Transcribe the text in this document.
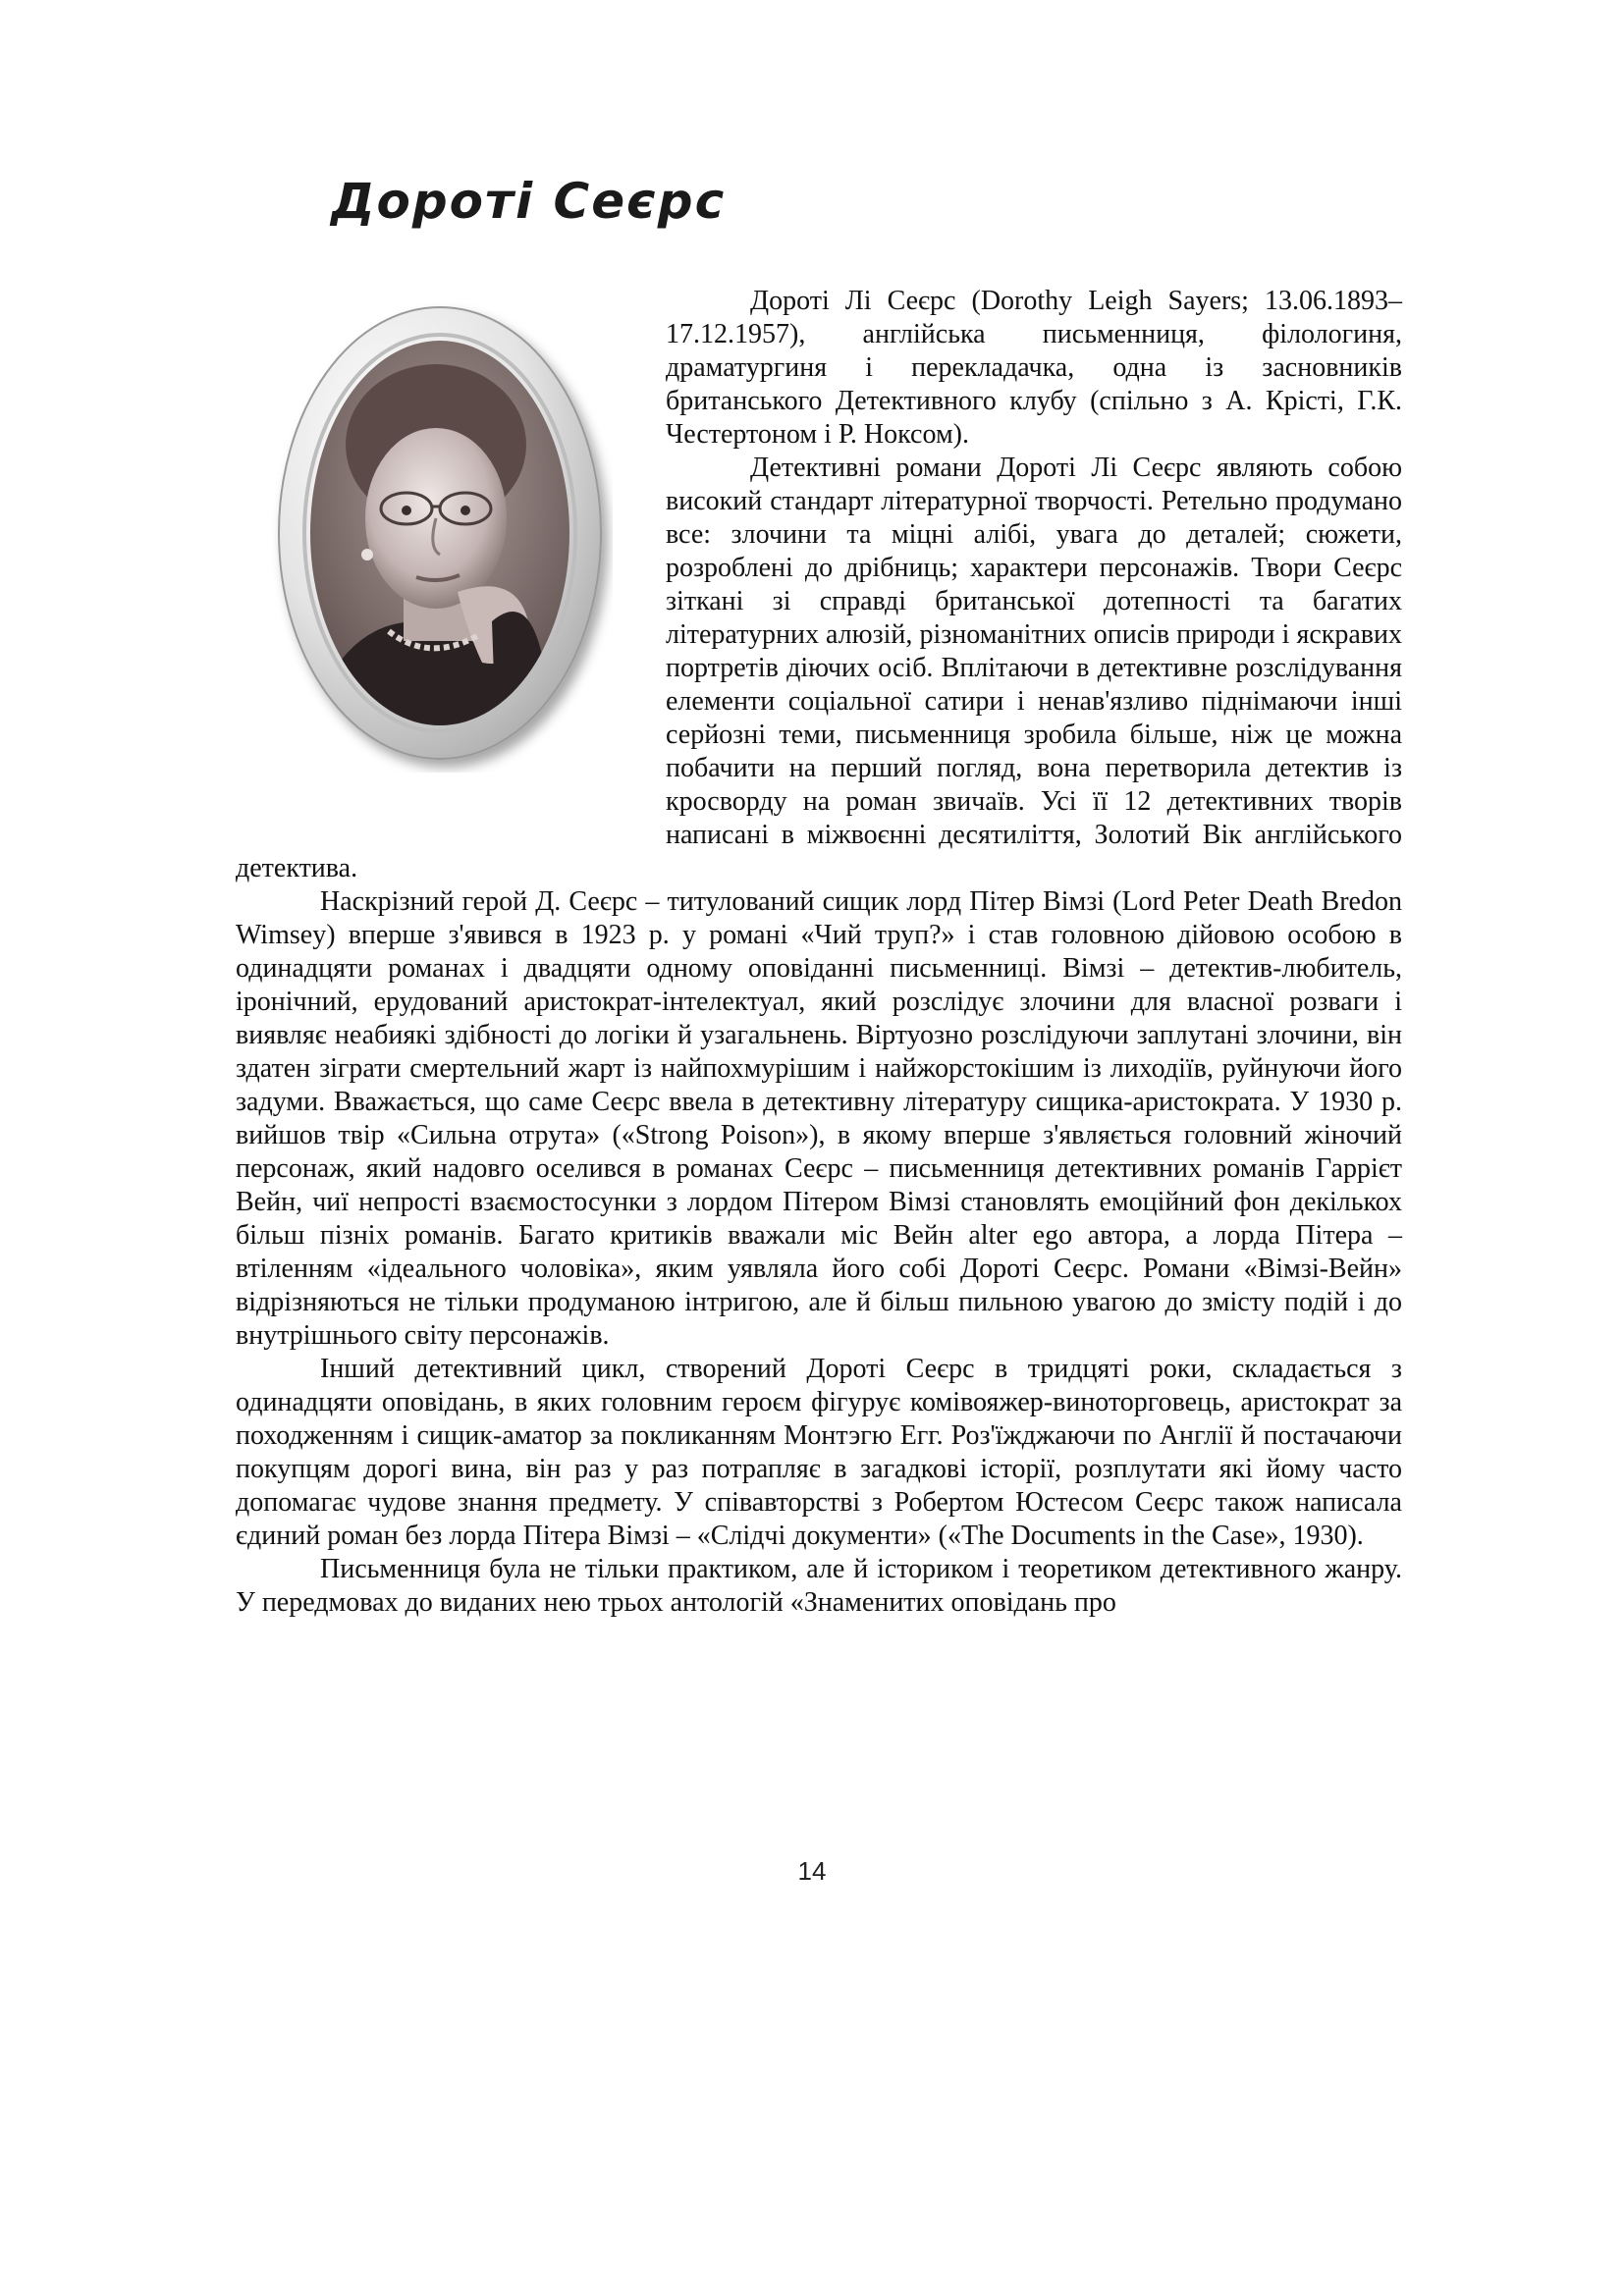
Дороті Сеєрс

Дороті Лі Сеєрс (Dorothy Leigh Sayers; 13.06.1893–17.12.1957), англійська письменниця, філологиня, драматургиня і перекладачка, одна із засновників британського Детективного клубу (спільно з А. Крісті, Г.К. Честертоном і Р. Ноксом).

Детективні романи Дороті Лі Сеєрс являють собою високий стандарт літературної творчості. Ретельно продумано все: злочини та міцні алібі, увага до деталей; сюжети, розроблені до дрібниць; характери персонажів. Твори Сеєрс зіткані зі справді британської дотепності та багатих літературних алюзій, різноманітних описів природи і яскравих портретів діючих осіб. Вплітаючи в детективне розслідування елементи соціальної сатири і ненав'язливо піднімаючи інші серйозні теми, письменниця зробила більше, ніж це можна побачити на перший погляд, вона перетворила детектив із кросворду на роман звичаїв. Усі її 12 детективних творів написані в міжвоєнні десятиліття, Золотий Вік англійського детектива.

Наскрізний герой Д. Сеєрс – титулований сищик лорд Пітер Вімзі (Lord Peter Death Bredon Wimsey) вперше з'явився в 1923 р. у романі «Чий труп?» і став головною дійовою особою в одинадцяти романах і двадцяти одному оповіданні письменниці. Вімзі – детектив-любитель, іронічний, ерудований аристократ-інтелектуал, який розслідує злочини для власної розваги і виявляє неабиякі здібності до логіки й узагальнень. Віртуозно розслідуючи заплутані злочини, він здатен зіграти смертельний жарт із найпохмурішим і найжорстокішим із лиходіїв, руйнуючи його задуми. Вважається, що саме Сеєрс ввела в детективну літературу сищика-аристократа. У 1930 р. вийшов твір «Сильна отрута» («Strong Poison»), в якому вперше з'являється головний жіночий персонаж, який надовго оселився в романах Сеєрс – письменниця детективних романів Гаррієт Вейн, чиї непрості взаємостосунки з лордом Пітером Вімзі становлять емоційний фон декількох більш пізніх романів. Багато критиків вважали міс Вейн alter ego автора, а лорда Пітера – втіленням «ідеального чоловіка», яким уявляла його собі Дороті Сеєрс. Романи «Вімзі-Вейн» відрізняються не тільки продуманою інтригою, але й більш пильною увагою до змісту подій і до внутрішнього світу персонажів.

Інший детективний цикл, створений Дороті Сеєрс в тридцяті роки, складається з одинадцяти оповідань, в яких головним героєм фігурує комівояжер-виноторговець, аристократ за походженням і сищик-аматор за покликанням Монтэгю Егг. Роз'їжджаючи по Англії й постачаючи покупцям дорогі вина, він раз у раз потрапляє в загадкові історії, розплутати які йому часто допомагає чудове знання предмету. У співавторстві з Робертом Юстесом Сеєрс також написала єдиний роман без лорда Пітера Вімзі – «Слідчі документи» («The Documents in the Case», 1930).

Письменниця була не тільки практиком, але й істориком і теоретиком детективного жанру. У передмовах до виданих нею трьох антологій «Знаменитих оповідань про

14
